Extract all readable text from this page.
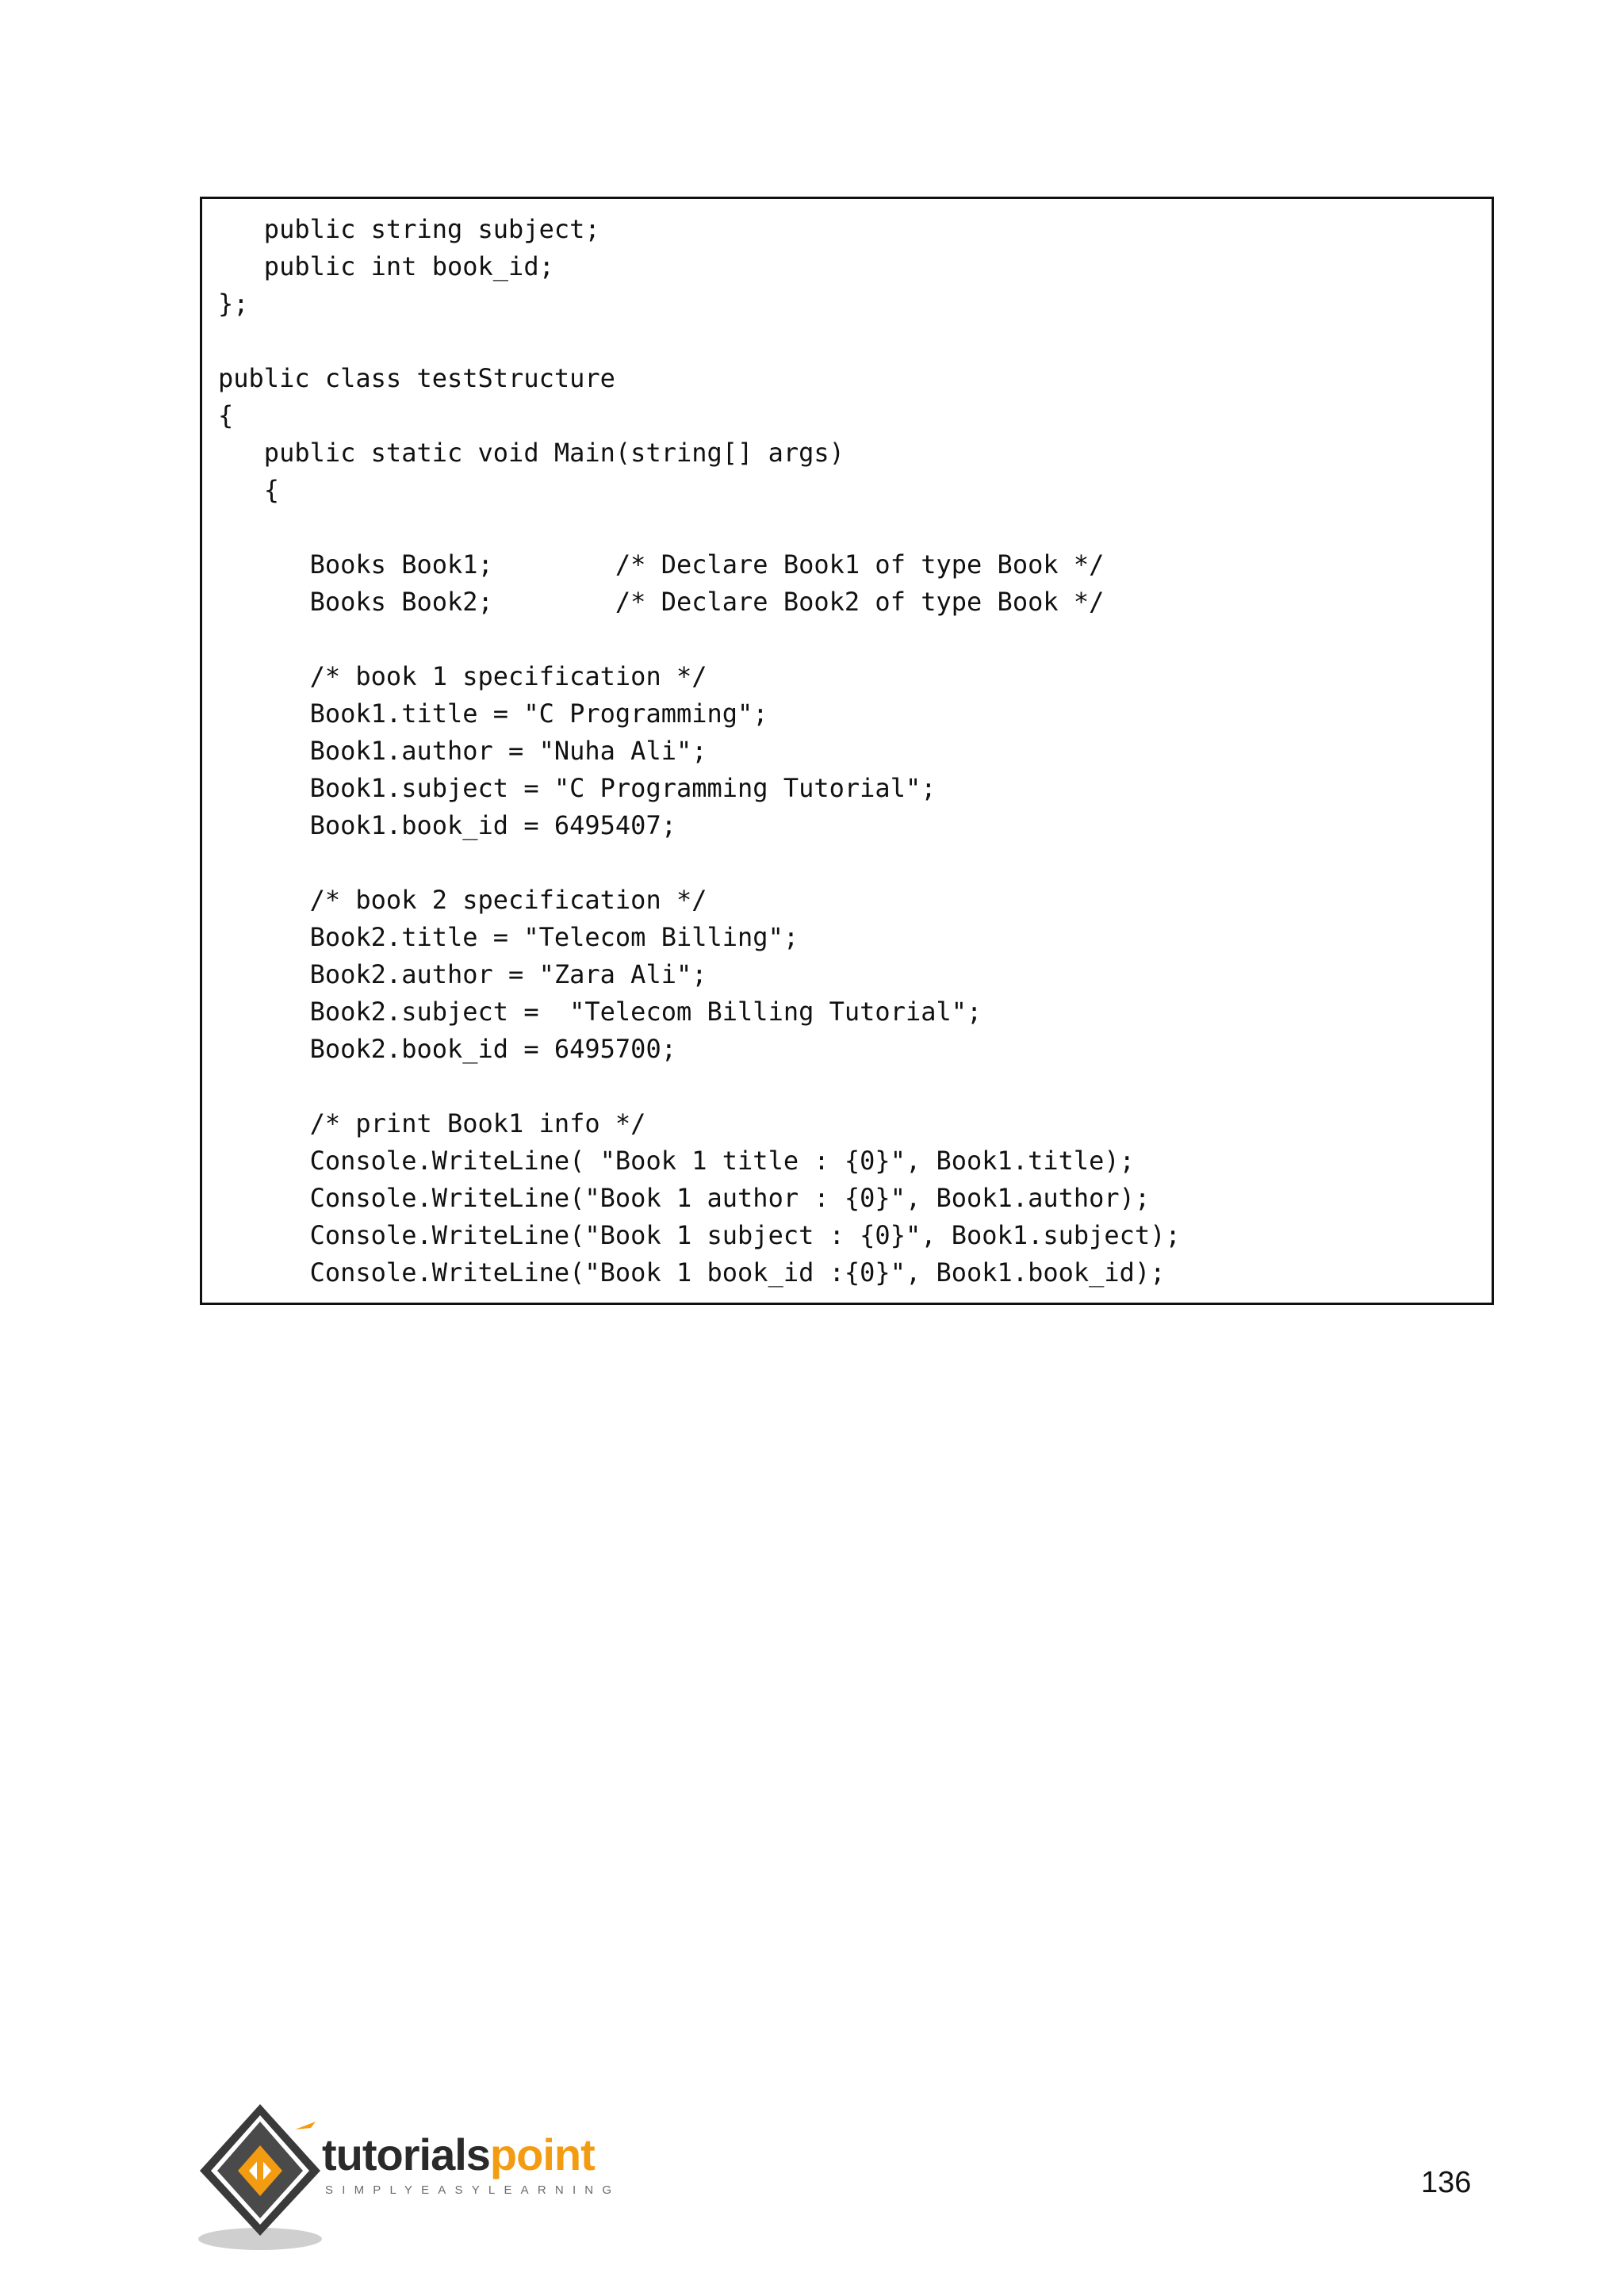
public string subject;
public int book_id;
};
public class testStructure
{
public static void Main(string[] args)
{
Books Book1;        /* Declare Book1 of type Book */
Books Book2;        /* Declare Book2 of type Book */
/* book 1 specification */
Book1.title = "C Programming";
Book1.author = "Nuha Ali";
Book1.subject = "C Programming Tutorial";
Book1.book_id = 6495407;
/* book 2 specification */
Book2.title = "Telecom Billing";
Book2.author = "Zara Ali";
Book2.subject =  "Telecom Billing Tutorial";
Book2.book_id = 6495700;
/* print Book1 info */
Console.WriteLine( "Book 1 title : {0}", Book1.title);
Console.WriteLine("Book 1 author : {0}", Book1.author);
Console.WriteLine("Book 1 subject : {0}", Book1.subject);
Console.WriteLine("Book 1 book_id :{0}", Book1.book_id);
tutorialspoint
SIMPLYEASYLEARNING	136
